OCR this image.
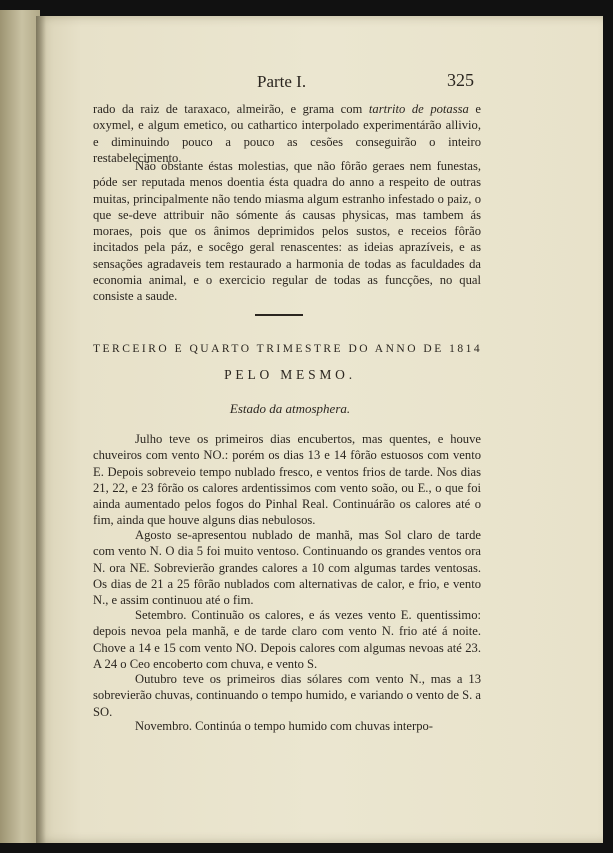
Parte I.	325
rado da raiz de taraxaco, almeirão, e grama com tartrito de potassa e oxymel, e algum emetico, ou cathartico interpolado experimentárão allivio, e diminuindo pouco a pouco as cesões conseguirão o inteiro restabelecimento.
Não obstante éstas molestias, que não fôrão geraes nem funestas, póde ser reputada menos doentia ésta quadra do anno a respeito de outras muitas, principalmente não tendo miasma algum estranho infestado o paiz, o que se-deve attribuir não sómente ás causas physicas, mas tambem ás moraes, pois que os ânimos deprimidos pelos sustos, e receios fôrão incitados pela páz, e socêgo geral renascentes: as ideias aprazíveis, e as sensações agradaveis tem restaurado a harmonia de todas as faculdades da economia animal, e o exercicio regular de todas as funcções, no qual consiste a saude.
TERCEIRO E QUARTO TRIMESTRE DO ANNO DE 1814
PELO MESMO.
Estado da atmosphera.
Julho teve os primeiros dias encubertos, mas quentes, e houve chuveiros com vento NO.: porém os dias 13 e 14 fôrão estuosos com vento E. Depois sobreveio tempo nublado fresco, e ventos frios de tarde. Nos dias 21, 22, e 23 fôrão os calores ardentissimos com vento soão, ou E., o que foi ainda aumentado pelos fogos do Pinhal Real. Continuárão os calores até o fim, ainda que houve alguns dias nebulosos.
Agosto se-apresentou nublado de manhã, mas Sol claro de tarde com vento N. O dia 5 foi muito ventoso. Continuando os grandes ventos ora N. ora NE. Sobrevierão grandes calores a 10 com algumas tardes ventosas. Os dias de 21 a 25 fôrão nublados com alternativas de calor, e frio, e vento N., e assim continuou até o fim.
Setembro. Continuão os calores, e ás vezes vento E. quentissimo: depois nevoa pela manhã, e de tarde claro com vento N. frio até á noite. Chove a 14 e 15 com vento NO. Depois calores com algumas nevoas até 23. A 24 o Ceo encoberto com chuva, e vento S.
Outubro teve os primeiros dias sólares com vento N., mas a 13 sobrevierão chuvas, continuando o tempo humido, e variando o vento de S. a SO.
Novembro. Continúa o tempo humido com chuvas interpo-
